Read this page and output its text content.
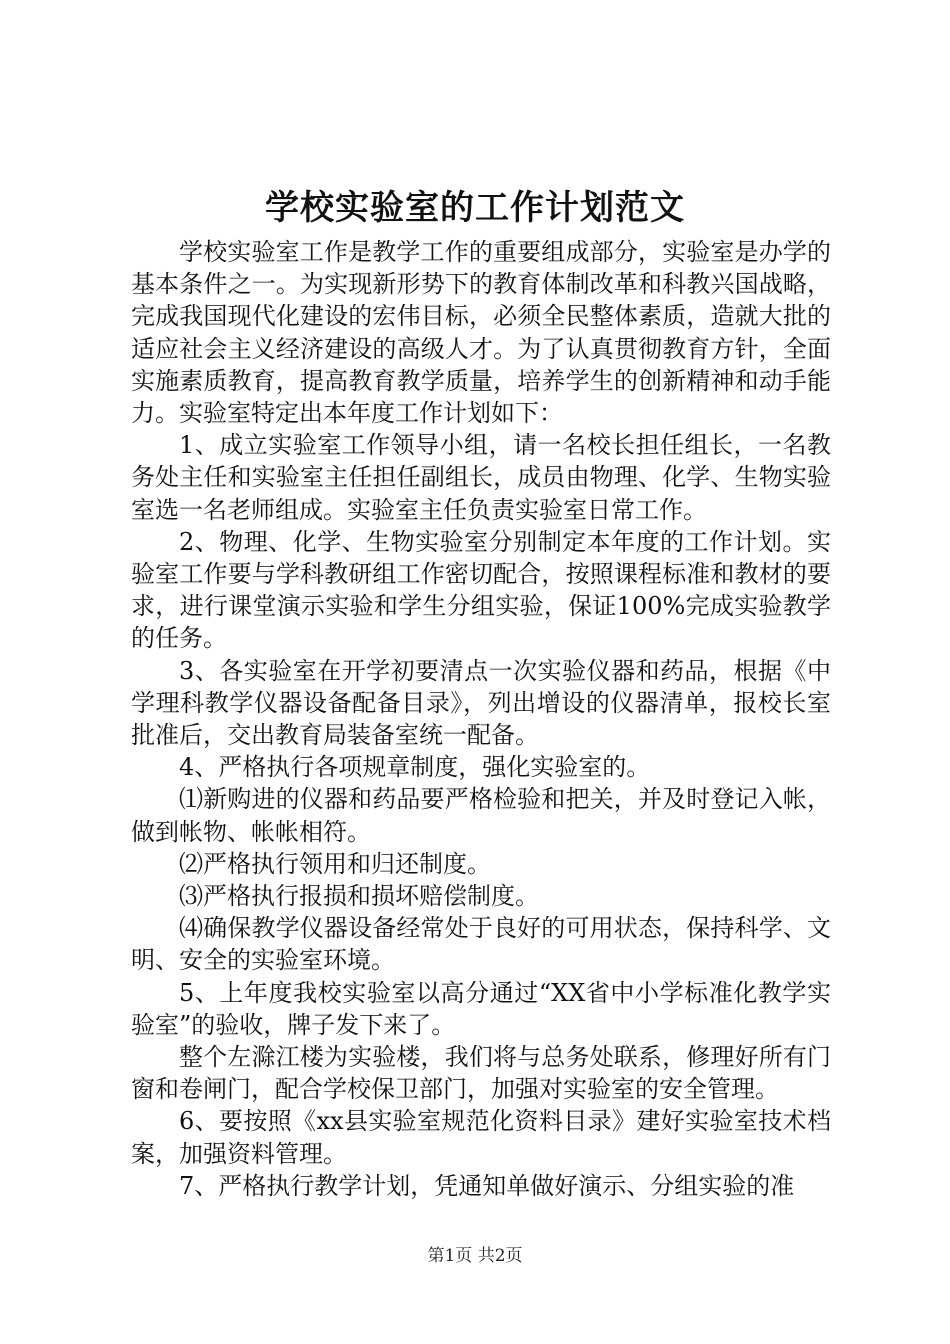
学校实验室的工作计划范文

学校实验室工作是教学工作的重要组成部分，实验室是办学的基本条件之一。为实现新形势下的教育体制改革和科教兴国战略，完成我国现代化建设的宏伟目标，必须全民整体素质，造就大批的适应社会主义经济建设的高级人才。为了认真贯彻教育方针，全面实施素质教育，提高教育教学质量，培养学生的创新精神和动手能力。实验室特定出本年度工作计划如下：

1、成立实验室工作领导小组，请一名校长担任组长，一名教务处主任和实验室主任担任副组长，成员由物理、化学、生物实验室选一名老师组成。实验室主任负责实验室日常工作。

2、物理、化学、生物实验室分别制定本年度的工作计划。实验室工作要与学科教研组工作密切配合，按照课程标准和教材的要求，进行课堂演示实验和学生分组实验，保证100%完成实验教学的任务。

3、各实验室在开学初要清点一次实验仪器和药品，根据《中学理科教学仪器设备配备目录》，列出增设的仪器清单，报校长室批准后，交出教育局装备室统一配备。

4、严格执行各项规章制度，强化实验室的。

⑴新购进的仪器和药品要严格检验和把关，并及时登记入帐，做到帐物、帐帐相符。

⑵严格执行领用和归还制度。

⑶严格执行报损和损坏赔偿制度。

⑷确保教学仪器设备经常处于良好的可用状态，保持科学、文明、安全的实验室环境。

5、上年度我校实验室以高分通过“XX省中小学标准化教学实验室”的验收，牌子发下来了。

整个左滁江楼为实验楼，我们将与总务处联系，修理好所有门窗和卷闸门，配合学校保卫部门，加强对实验室的安全管理。

6、要按照《xx县实验室规范化资料目录》建好实验室技术档案，加强资料管理。

7、严格执行教学计划，凭通知单做好演示、分组实验的准

第1页 共2页
